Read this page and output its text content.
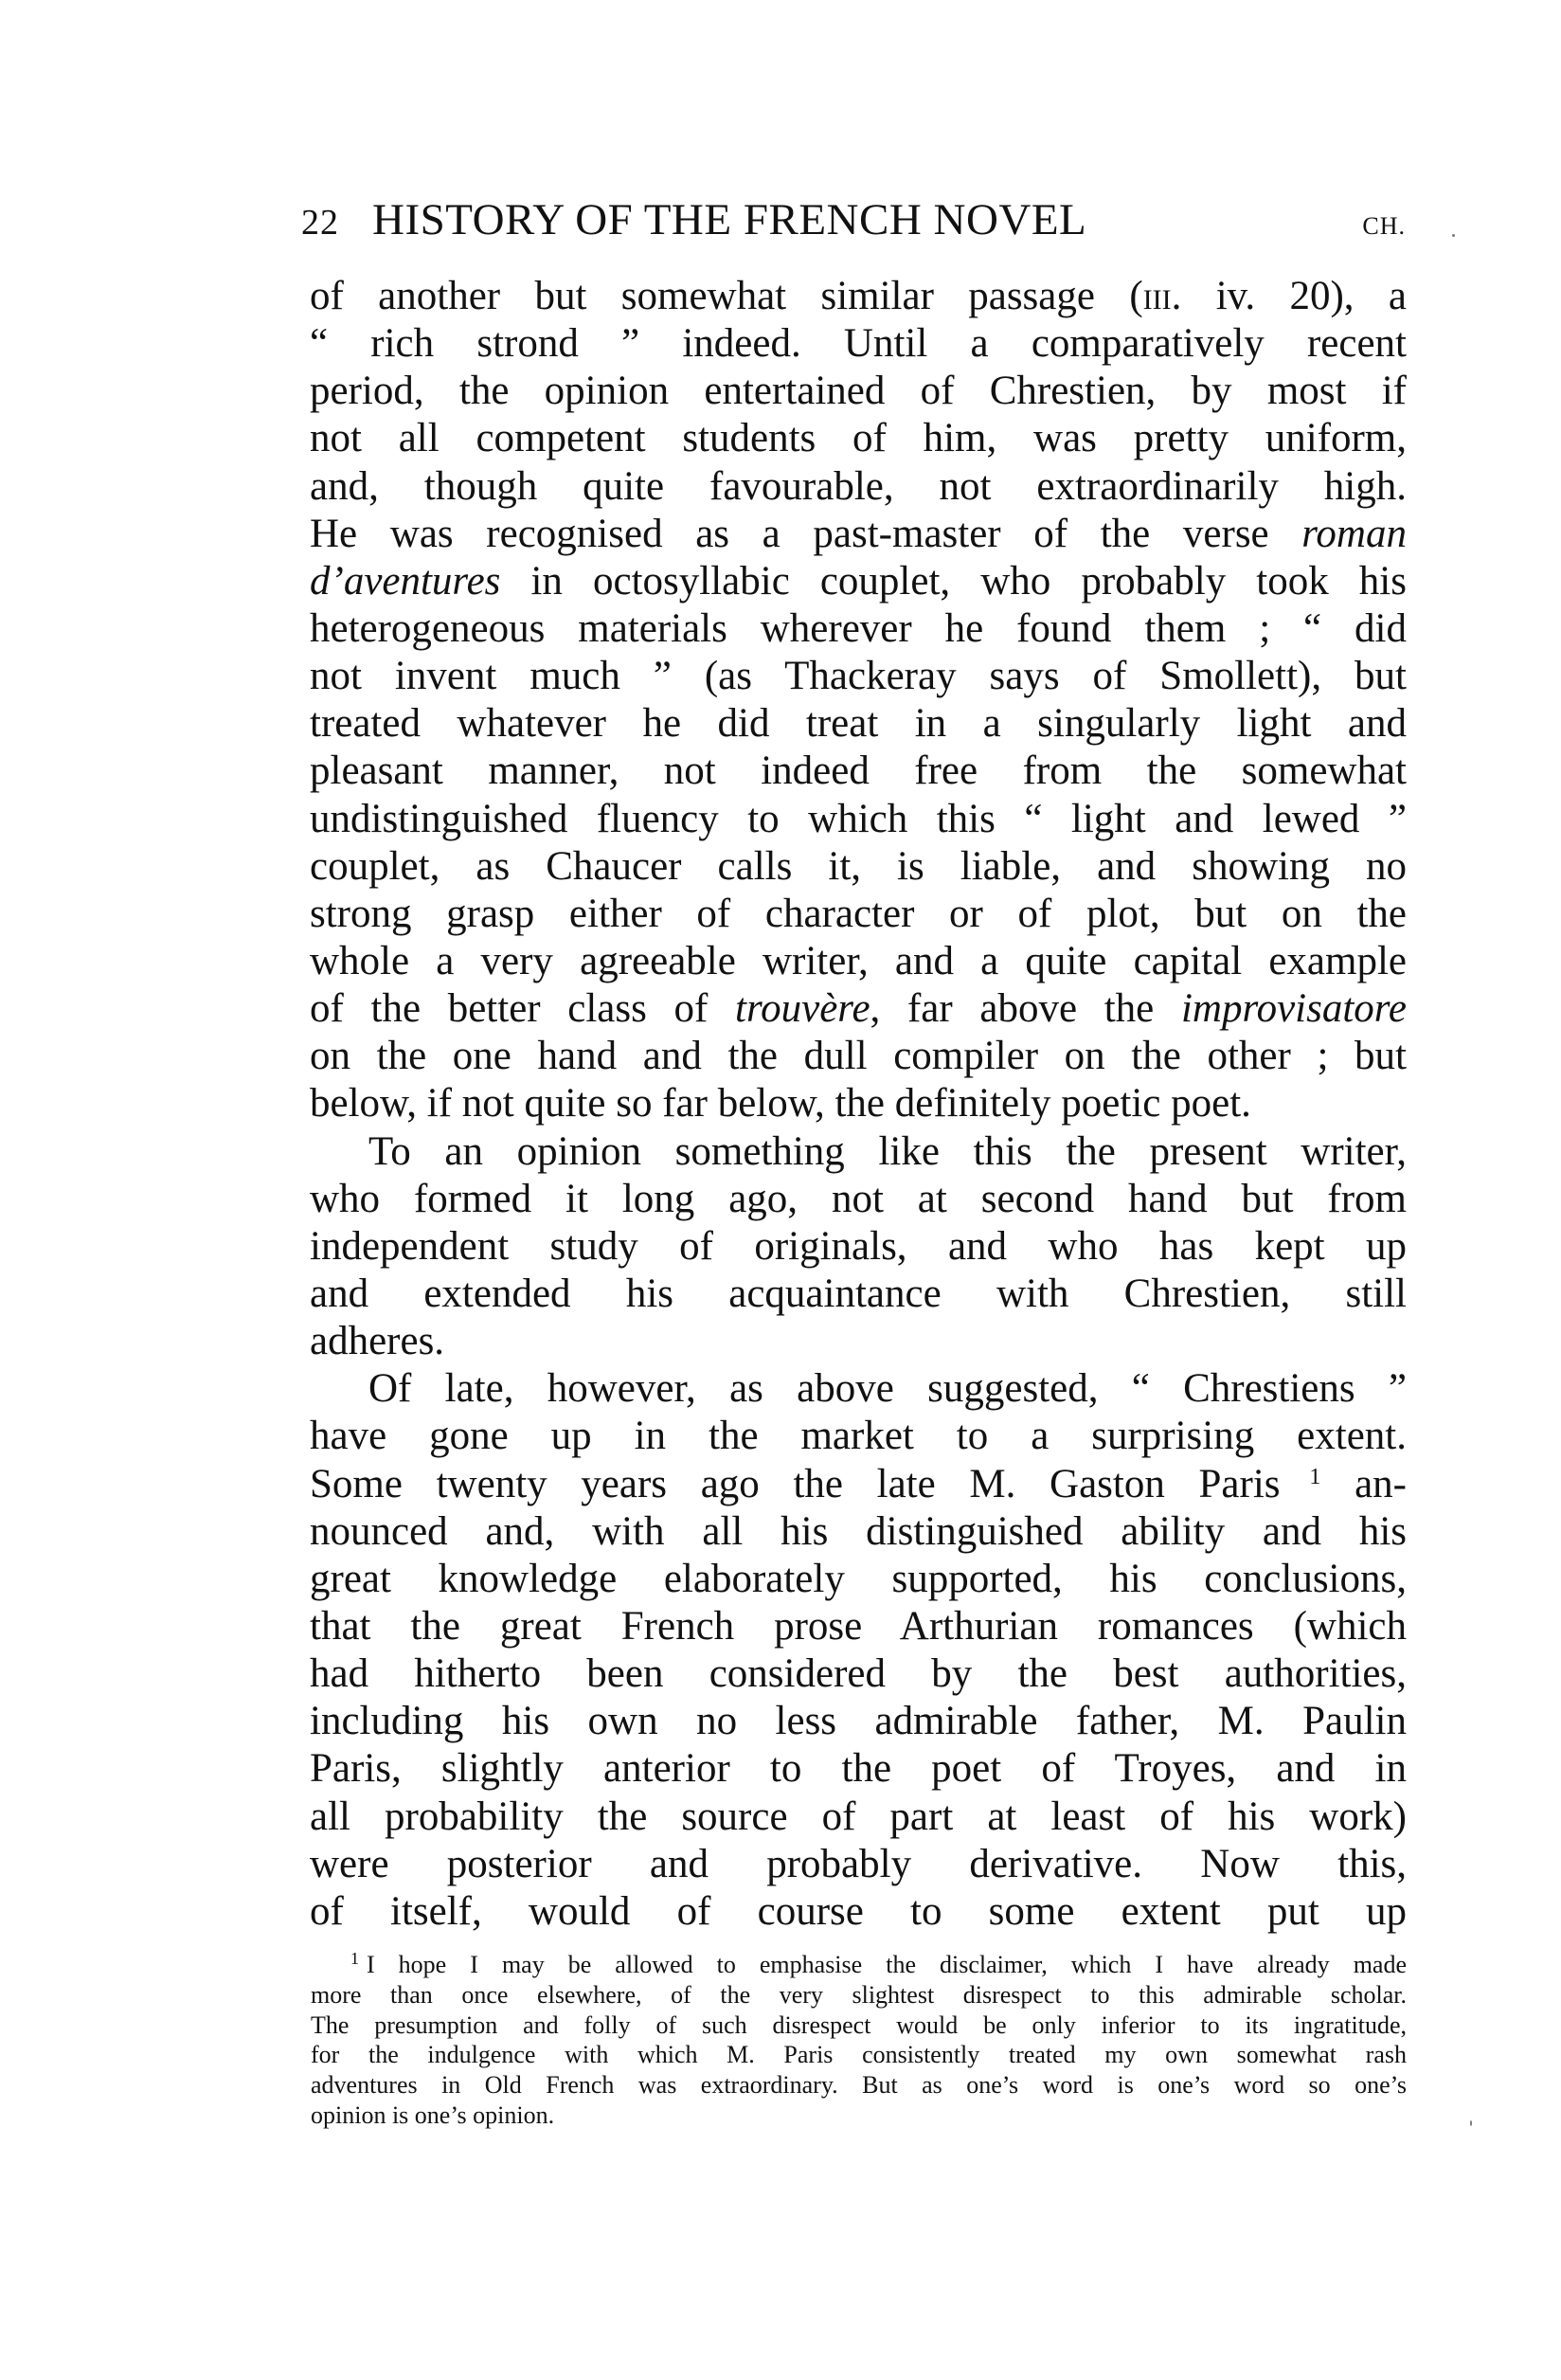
22 HISTORY OF THE FRENCH NOVEL	CH.
of another but somewhat similar passage (iii. iv. 20), a
“ rich strond ” indeed. Until a comparatively recent
period, the opinion entertained of Chrestien, by most if
not all competent students of him, was pretty uniform,
and, though quite favourable, not extraordinarily high.
He was recognised as a past-master of the verse roman
d’aventures in octosyllabic couplet, who probably took his
heterogeneous materials wherever he found them ; “ did
not invent much ” (as Thackeray says of Smollett), but
treated whatever he did treat in a singularly light and
pleasant manner, not indeed free from the somewhat
undistinguished fluency to which this “ light and lewed ”
couplet, as Chaucer calls it, is liable, and showing no
strong grasp either of character or of plot, but on the
whole a very agreeable writer, and a quite capital example
of the better class of trouvère, far above the improvisatore
on the one hand and the dull compiler on the other ; but
below, if not quite so far below, the definitely poetic poet.
To an opinion something like this the present writer,
who formed it long ago, not at second hand but from
independent study of originals, and who has kept up
and extended his acquaintance with Chrestien, still
adheres.
Of late, however, as above suggested, “ Chrestiens ”
have gone up in the market to a surprising extent.
Some twenty years ago the late M. Gaston Paris $^1$ an-
nounced and, with all his distinguished ability and his
great knowledge elaborately supported, his conclusions,
that the great French prose Arthurian romances (which
had hitherto been considered by the best authorities,
including his own no less admirable father, M. Paulin
Paris, slightly anterior to the poet of Troyes, and in
all probability the source of part at least of his work)
were posterior and probably derivative. Now this,
of itself, would of course to some extent put up
$^1$ I hope I may be allowed to emphasise the disclaimer, which I have already made
more than once elsewhere, of the very slightest disrespect to this admirable scholar.
The presumption and folly of such disrespect would be only inferior to its ingratitude,
for the indulgence with which M. Paris consistently treated my own somewhat rash
adventures in Old French was extraordinary. But as one’s word is one’s word so one’s
opinion is one’s opinion.
